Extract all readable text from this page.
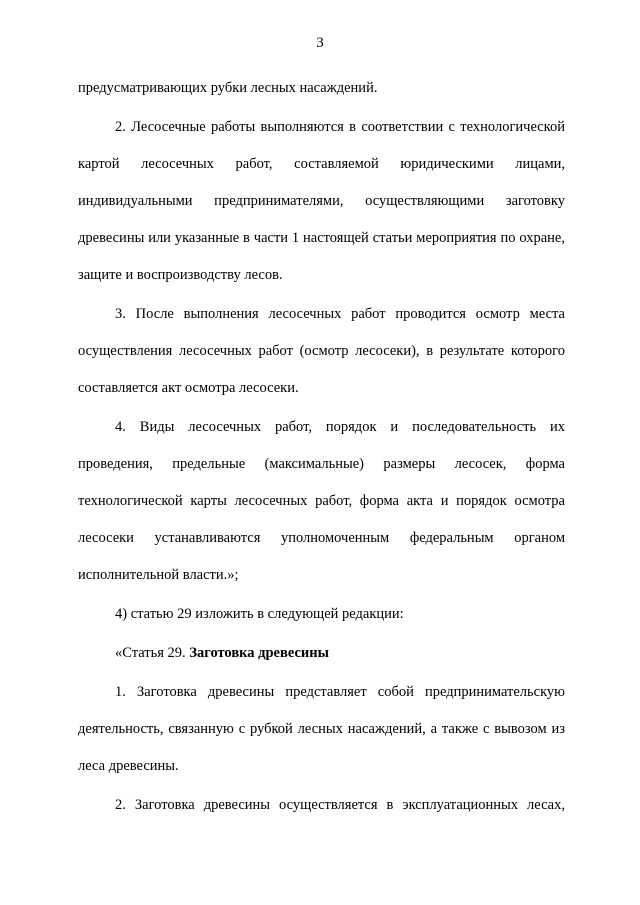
3

предусматривающих рубки лесных насаждений.

2. Лесосечные работы выполняются в соответствии с технологической картой лесосечных работ, составляемой юридическими лицами, индивидуальными предпринимателями, осуществляющими заготовку древесины или указанные в части 1 настоящей статьи мероприятия по охране, защите и воспроизводству лесов.

3. После выполнения лесосечных работ проводится осмотр места осуществления лесосечных работ (осмотр лесосеки), в результате которого составляется акт осмотра лесосеки.

4. Виды лесосечных работ, порядок и последовательность их проведения, предельные (максимальные) размеры лесосек, форма технологической карты лесосечных работ, форма акта и порядок осмотра лесосеки устанавливаются уполномоченным федеральным органом исполнительной власти.»;

4) статью 29 изложить в следующей редакции:

«Статья 29. Заготовка древесины

1. Заготовка древесины представляет собой предпринимательскую деятельность, связанную с рубкой лесных насаждений, а также с вывозом из леса древесины.

2. Заготовка древесины осуществляется в эксплуатационных лесах,
